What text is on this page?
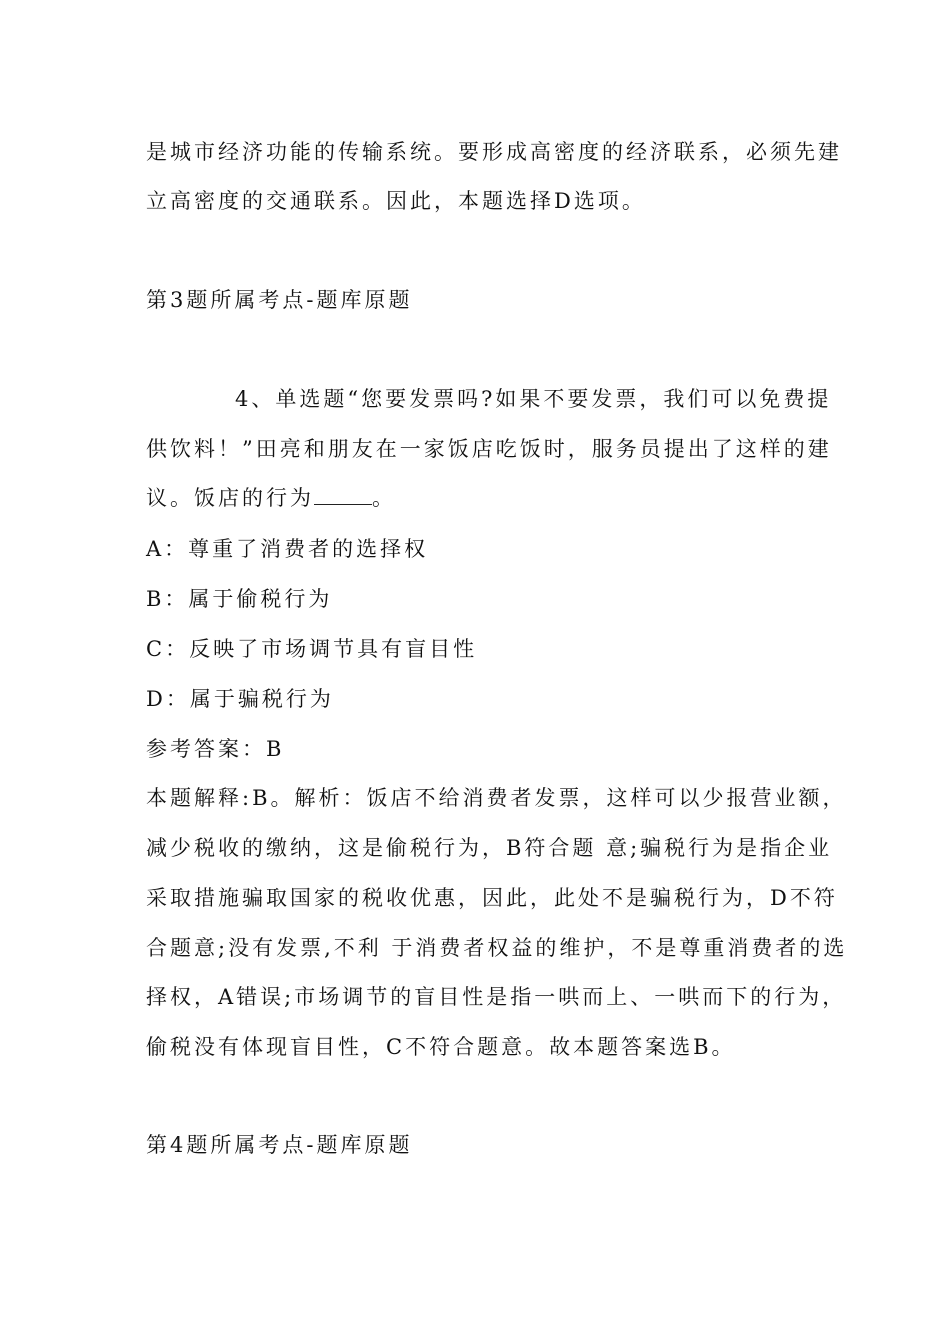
是城市经济功能的传输系统。要形成高密度的经济联系，必须先建

立高密度的交通联系。因此，本题选择D选项。

第3题所属考点-题库原题

4、单选题“您要发票吗?如果不要发票，我们可以免费提

供饮料！”田亮和朋友在一家饭店吃饭时，服务员提出了这样的建

议。饭店的行为	。

A：尊重了消费者的选择权

B：属于偷税行为

C：反映了市场调节具有盲目性

D：属于骗税行为

参考答案：B

本题解释:B。解析：饭店不给消费者发票，这样可以少报营业额，

减少税收的缴纳，这是偷税行为，B符合题 意;骗税行为是指企业

采取措施骗取国家的税收优惠，因此，此处不是骗税行为，D不符

合题意;没有发票,不利 于消费者权益的维护，不是尊重消费者的选

择权，A错误;市场调节的盲目性是指一哄而上、一哄而下的行为，

偷税没有体现盲目性，C不符合题意。故本题答案选B。

第4题所属考点-题库原题
